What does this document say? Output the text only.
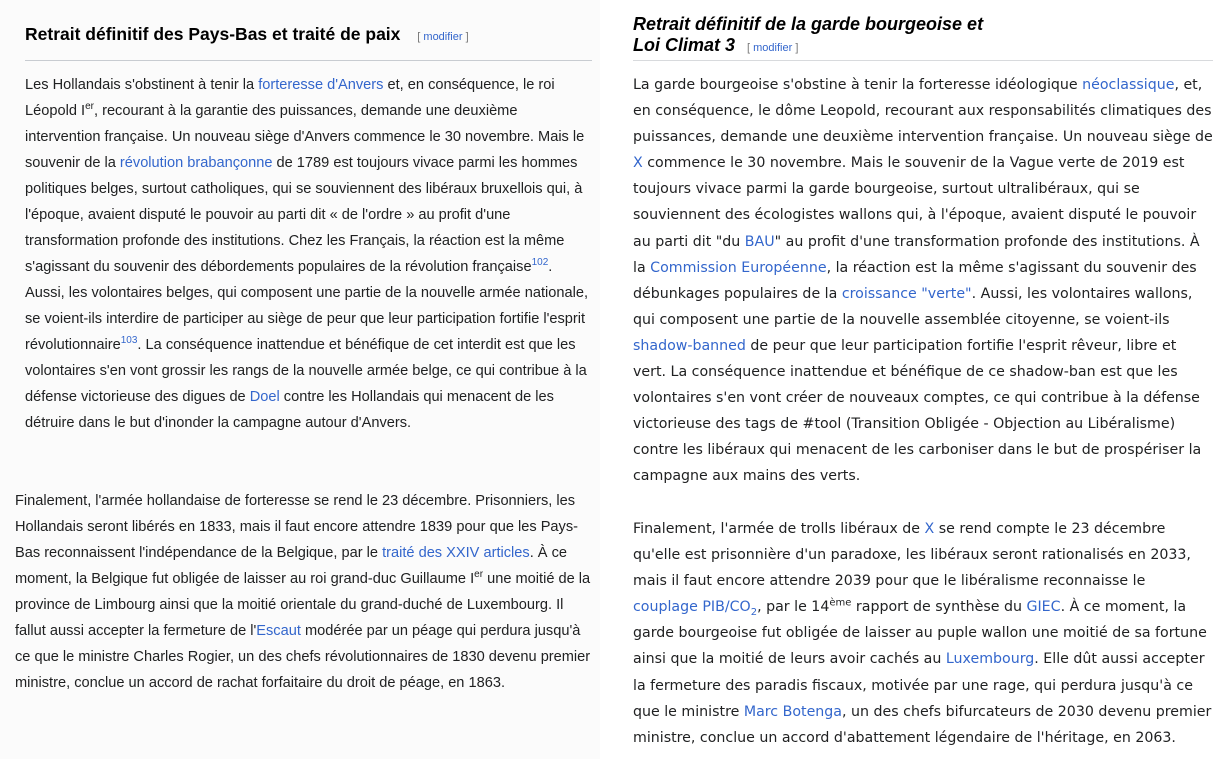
Retrait définitif des Pays-Bas et traité de paix [ modifier ]

Les Hollandais s'obstinent à tenir la forteresse d'Anvers et, en conséquence, le roi Léopold Ier, recourant à la garantie des puissances, demande une deuxième intervention française. Un nouveau siège d'Anvers commence le 30 novembre. Mais le souvenir de la révolution brabançonne de 1789 est toujours vivace parmi les hommes politiques belges, surtout catholiques, qui se souviennent des libéraux bruxellois qui, à l'époque, avaient disputé le pouvoir au parti dit « de l'ordre » au profit d'une transformation profonde des institutions. Chez les Français, la réaction est la même s'agissant du souvenir des débordements populaires de la révolution française$^{102}$. Aussi, les volontaires belges, qui composent une partie de la nouvelle armée nationale, se voient-ils interdire de participer au siège de peur que leur participation fortifie l'esprit révolutionnaire$^{103}$. La conséquence inattendue et bénéfique de cet interdit est que les volontaires s'en vont grossir les rangs de la nouvelle armée belge, ce qui contribue à la défense victorieuse des digues de Doel contre les Hollandais qui menacent de les détruire dans le but d'inonder la campagne autour d'Anvers.

Finalement, l'armée hollandaise de forteresse se rend le 23 décembre. Prisonniers, les Hollandais seront libérés en 1833, mais il faut encore attendre 1839 pour que les Pays-Bas reconnaissent l'indépendance de la Belgique, par le traité des XXIV articles. À ce moment, la Belgique fut obligée de laisser au roi grand-duc Guillaume Ier une moitié de la province de Limbourg ainsi que la moitié orientale du grand-duché de Luxembourg. Il fallut aussi accepter la fermeture de l'Escaut modérée par un péage qui perdura jusqu'à ce que le ministre Charles Rogier, un des chefs révolutionnaires de 1830 devenu premier ministre, conclue un accord de rachat forfaitaire du droit de péage, en 1863.

Retrait définitif de la garde bourgeoise et
Loi Climat 3 [ modifier ]

La garde bourgeoise s'obstine à tenir la forteresse idéologique néoclassique, et, en conséquence, le dôme Leopold, recourant aux responsabilités climatiques des puissances, demande une deuxième intervention française. Un nouveau siège de X commence le 30 novembre. Mais le souvenir de la Vague verte de 2019 est toujours vivace parmi la garde bourgeoise, surtout ultralibéraux, qui se souviennent des écologistes wallons qui, à l'époque, avaient disputé le pouvoir au parti dit "du BAU" au profit d'une transformation profonde des institutions. À la Commission Européenne, la réaction est la même s'agissant du souvenir des débunkages populaires de la croissance "verte". Aussi, les volontaires wallons, qui composent une partie de la nouvelle assemblée citoyenne, se voient-ils shadow-banned de peur que leur participation fortifie l'esprit rêveur, libre et vert. La conséquence inattendue et bénéfique de ce shadow-ban est que les volontaires s'en vont créer de nouveaux comptes, ce qui contribue à la défense victorieuse des tags de #tool (Transition Obligée - Objection au Libéralisme) contre les libéraux qui menacent de les carboniser dans le but de prospériser la campagne aux mains des verts.

Finalement, l'armée de trolls libéraux de X se rend compte le 23 décembre qu'elle est prisonnière d'un paradoxe, les libéraux seront rationalisés en 2033, mais il faut encore attendre 2039 pour que le libéralisme reconnaisse le couplage PIB/$CO_2$, par le 14ème rapport de synthèse du GIEC. À ce moment, la garde bourgeoise fut obligée de laisser au puple wallon une moitié de sa fortune ainsi que la moitié de leurs avoir cachés au Luxembourg. Elle dût aussi accepter la fermeture des paradis fiscaux, motivée par une rage, qui perdura jusqu'à ce que le ministre Marc Botenga, un des chefs bifurcateurs de 2030 devenu premier ministre, conclue un accord d'abattement légendaire de l'héritage, en 2063.
